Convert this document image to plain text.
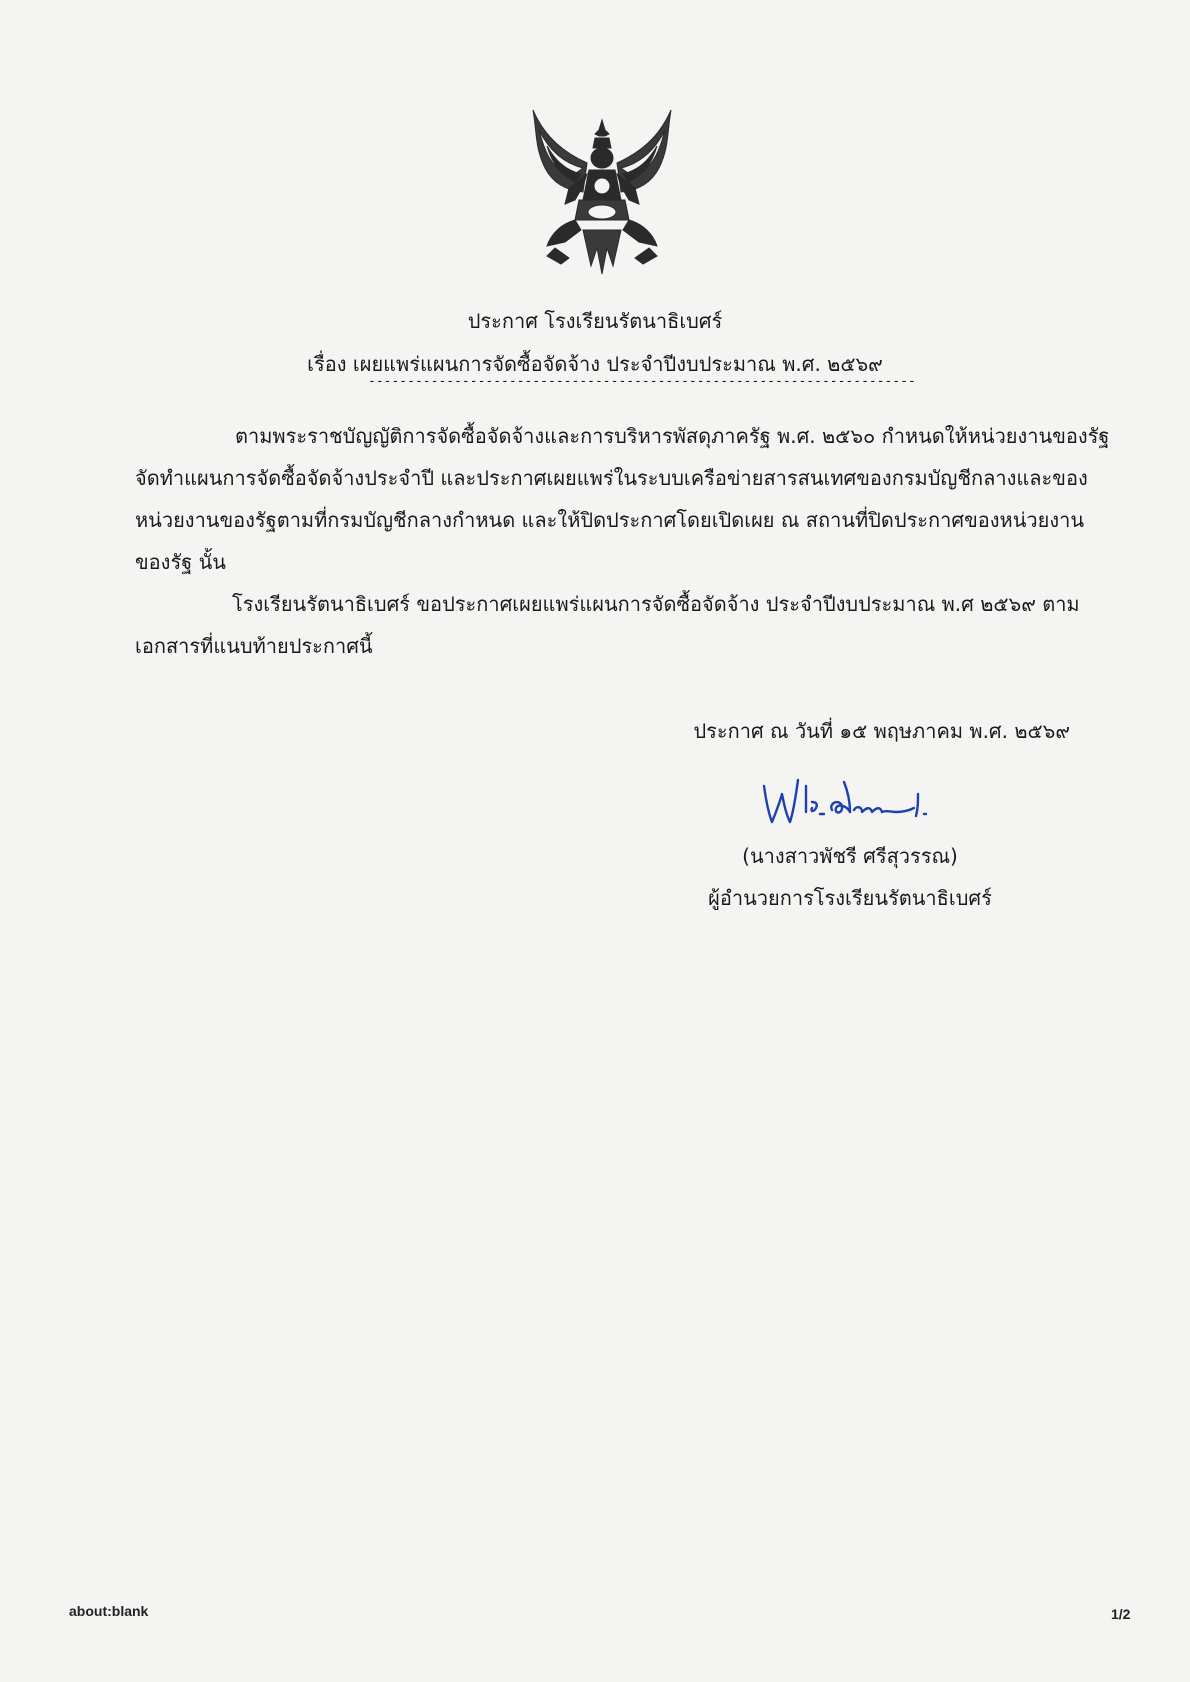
ประกาศ โรงเรียนรัตนาธิเบศร์
เรื่อง เผยแพร่แผนการจัดซื้อจัดจ้าง ประจำปีงบประมาณ พ.ศ. ๒๕๖๙
----------------------------------------------------------------------
ตามพระราชบัญญัติการจัดซื้อจัดจ้างและการบริหารพัสดุภาครัฐ พ.ศ. ๒๕๖๐ กำหนดให้หน่วยงานของรัฐ
จัดทำแผนการจัดซื้อจัดจ้างประจำปี และประกาศเผยแพร่ในระบบเครือข่ายสารสนเทศของกรมบัญชีกลางและของ
หน่วยงานของรัฐตามที่กรมบัญชีกลางกำหนด และให้ปิดประกาศโดยเปิดเผย ณ สถานที่ปิดประกาศของหน่วยงาน
ของรัฐ นั้น
โรงเรียนรัตนาธิเบศร์ ขอประกาศเผยแพร่แผนการจัดซื้อจัดจ้าง ประจำปีงบประมาณ พ.ศ ๒๕๖๙ ตาม
เอกสารที่แนบท้ายประกาศนี้
ประกาศ ณ วันที่ ๑๕ พฤษภาคม พ.ศ. ๒๕๖๙
(นางสาวพัชรี ศรีสุวรรณ)
ผู้อำนวยการโรงเรียนรัตนาธิเบศร์
about:blank	1/2
